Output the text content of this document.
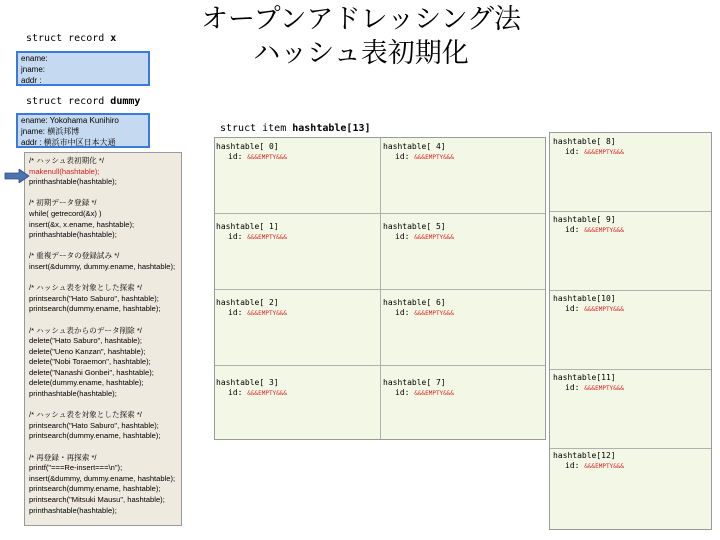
オープンアドレッシング法
ハッシュ表初期化
struct record x
ename:
jname:
addr :
struct record dummy
ename: Yokohama Kunihiro
jname: 横浜邦博
addr : 横浜市中区日本大通
/* ハッシュ表初期化 */
makenull(hashtable);
printhashtable(hashtable);
/* 初期データ登録 */
while( getrecord(&x) )
insert(&x, x.ename, hashtable);
printhashtable(hashtable);
/* 重複データの登録試み */
insert(&dummy, dummy.ename, hashtable);
/* ハッシュ表を対象とした探索 */
printsearch("Hato Saburo", hashtable);
printsearch(dummy.ename, hashtable);
/* ハッシュ表からのデータ削除 */
delete("Hato Saburo", hashtable);
delete("Ueno Kanzan", hashtable);
delete("Nobi Toraemon", hashtable);
delete("Nanashi Gonbei", hashtable);
delete(dummy.ename, hashtable);
printhashtable(hashtable);
/* ハッシュ表を対象とした探索 */
printsearch("Hato Saburo", hashtable);
printsearch(dummy.ename, hashtable);
/* 再登録・再探索 */
printf("===Re-insert===\n");
insert(&dummy, dummy.ename, hashtable);
printsearch(dummy.ename, hashtable);
printsearch("Mitsuki Mausu", hashtable);
printhashtable(hashtable);
struct item hashtable[13]
hashtable[ 0]
id: &&&EMPTY&&&
hashtable[ 1]
id: &&&EMPTY&&&
hashtable[ 2]
id: &&&EMPTY&&&
hashtable[ 3]
id: &&&EMPTY&&&
hashtable[ 4]
id: &&&EMPTY&&&
hashtable[ 5]
id: &&&EMPTY&&&
hashtable[ 6]
id: &&&EMPTY&&&
hashtable[ 7]
id: &&&EMPTY&&&
hashtable[ 8]
id: &&&EMPTY&&&
hashtable[ 9]
id: &&&EMPTY&&&
hashtable[10]
id: &&&EMPTY&&&
hashtable[11]
id: &&&EMPTY&&&
hashtable[12]
id: &&&EMPTY&&&
